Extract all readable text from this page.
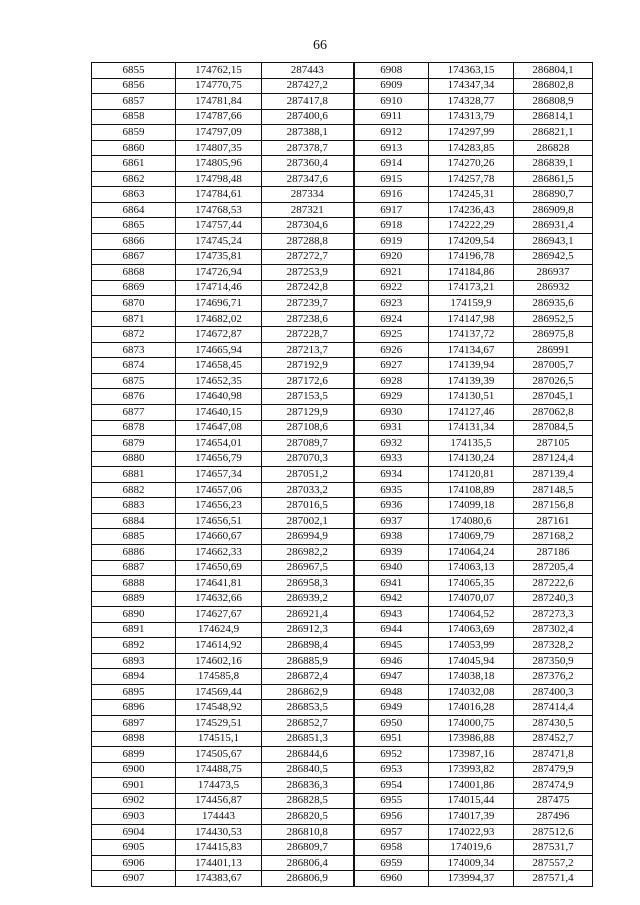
66
6855	174762,15	287443	6908	174363,15	286804,1
6856	174770,75	287427,2	6909	174347,34	286802,8
6857	174781,84	287417,8	6910	174328,77	286808,9
6858	174787,66	287400,6	6911	174313,79	286814,1
6859	174797,09	287388,1	6912	174297,99	286821,1
6860	174807,35	287378,7	6913	174283,85	286828
6861	174805,96	287360,4	6914	174270,26	286839,1
6862	174798,48	287347,6	6915	174257,78	286861,5
6863	174784,61	287334	6916	174245,31	286890,7
6864	174768,53	287321	6917	174236,43	286909,8
6865	174757,44	287304,6	6918	174222,29	286931,4
6866	174745,24	287288,8	6919	174209,54	286943,1
6867	174735,81	287272,7	6920	174196,78	286942,5
6868	174726,94	287253,9	6921	174184,86	286937
6869	174714,46	287242,8	6922	174173,21	286932
6870	174696,71	287239,7	6923	174159,9	286935,6
6871	174682,02	287238,6	6924	174147,98	286952,5
6872	174672,87	287228,7	6925	174137,72	286975,8
6873	174665,94	287213,7	6926	174134,67	286991
6874	174658,45	287192,9	6927	174139,94	287005,7
6875	174652,35	287172,6	6928	174139,39	287026,5
6876	174640,98	287153,5	6929	174130,51	287045,1
6877	174640,15	287129,9	6930	174127,46	287062,8
6878	174647,08	287108,6	6931	174131,34	287084,5
6879	174654,01	287089,7	6932	174135,5	287105
6880	174656,79	287070,3	6933	174130,24	287124,4
6881	174657,34	287051,2	6934	174120,81	287139,4
6882	174657,06	287033,2	6935	174108,89	287148,5
6883	174656,23	287016,5	6936	174099,18	287156,8
6884	174656,51	287002,1	6937	174080,6	287161
6885	174660,67	286994,9	6938	174069,79	287168,2
6886	174662,33	286982,2	6939	174064,24	287186
6887	174650,69	286967,5	6940	174063,13	287205,4
6888	174641,81	286958,3	6941	174065,35	287222,6
6889	174632,66	286939,2	6942	174070,07	287240,3
6890	174627,67	286921,4	6943	174064,52	287273,3
6891	174624,9	286912,3	6944	174063,69	287302,4
6892	174614,92	286898,4	6945	174053,99	287328,2
6893	174602,16	286885,9	6946	174045,94	287350,9
6894	174585,8	286872,4	6947	174038,18	287376,2
6895	174569,44	286862,9	6948	174032,08	287400,3
6896	174548,92	286853,5	6949	174016,28	287414,4
6897	174529,51	286852,7	6950	174000,75	287430,5
6898	174515,1	286851,3	6951	173986,88	287452,7
6899	174505,67	286844,6	6952	173987,16	287471,8
6900	174488,75	286840,5	6953	173993,82	287479,9
6901	174473,5	286836,3	6954	174001,86	287474,9
6902	174456,87	286828,5	6955	174015,44	287475
6903	174443	286820,5	6956	174017,39	287496
6904	174430,53	286810,8	6957	174022,93	287512,6
6905	174415,83	286809,7	6958	174019,6	287531,7
6906	174401,13	286806,4	6959	174009,34	287557,2
6907	174383,67	286806,9	6960	173994,37	287571,4
